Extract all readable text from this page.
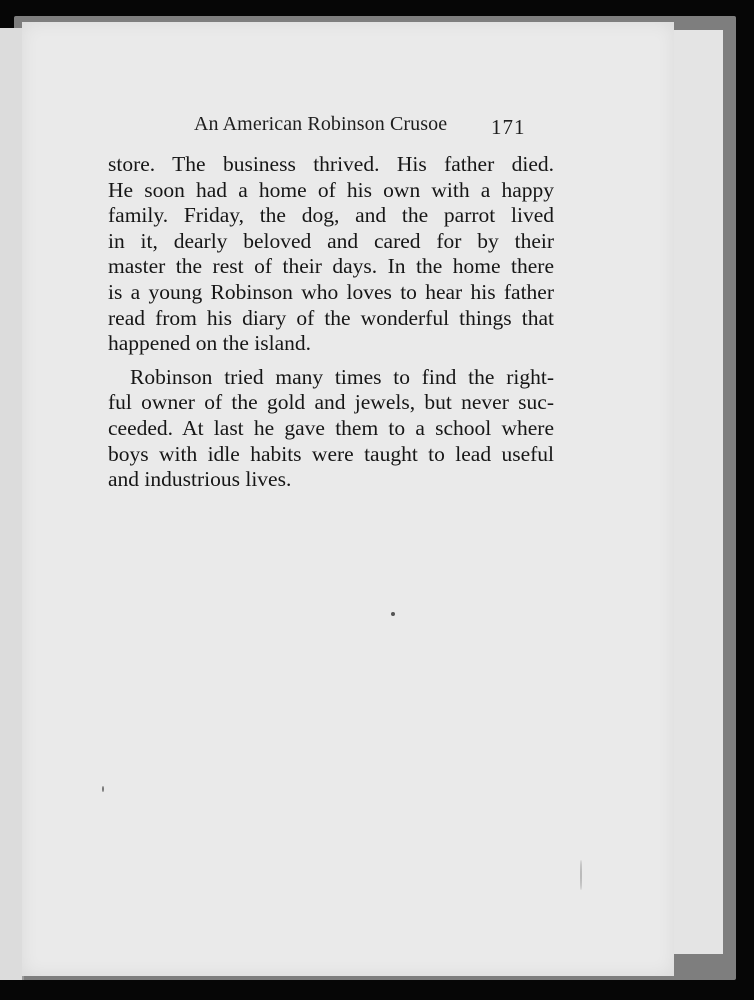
An American Robinson Crusoe 171
store. The business thrived. His father died.
He soon had a home of his own with a happy
family. Friday, the dog, and the parrot lived
in it, dearly beloved and cared for by their
master the rest of their days. In the home there
is a young Robinson who loves to hear his father
read from his diary of the wonderful things that
happened on the island.
Robinson tried many times to find the right-
ful owner of the gold and jewels, but never suc-
ceeded. At last he gave them to a school where
boys with idle habits were taught to lead useful
and industrious lives.
